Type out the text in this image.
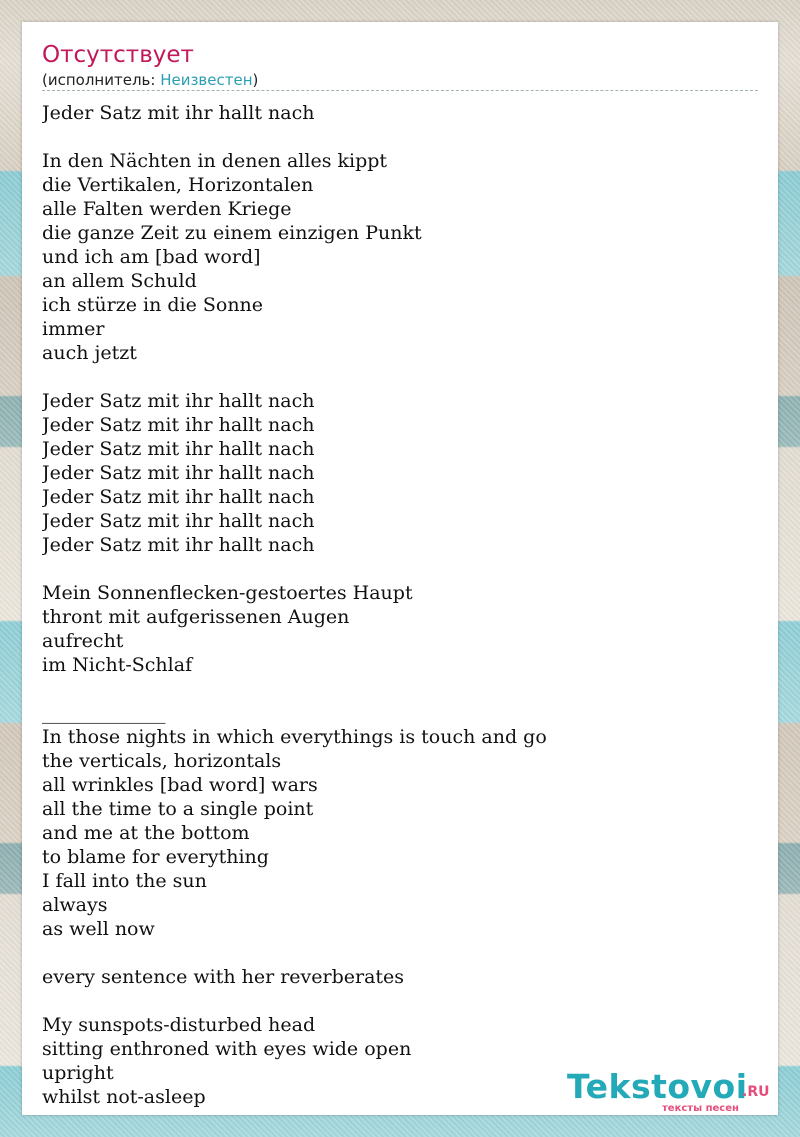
Отсутствует
(исполнитель: Неизвестен)
Jeder Satz mit ihr hallt nach
In den Nächten in denen alles kippt
die Vertikalen, Horizontalen
alle Falten werden Kriege
die ganze Zeit zu einem einzigen Punkt
und ich am [bad word]
an allem Schuld
ich stürze in die Sonne
immer
auch jetzt
Jeder Satz mit ihr hallt nach
Jeder Satz mit ihr hallt nach
Jeder Satz mit ihr hallt nach
Jeder Satz mit ihr hallt nach
Jeder Satz mit ihr hallt nach
Jeder Satz mit ihr hallt nach
Jeder Satz mit ihr hallt nach
Mein Sonnenflecken-gestoertes Haupt
thront mit aufgerissenen Augen
aufrecht
im Nicht-Schlaf
_____________
In those nights in which everythings is touch and go
the verticals, horizontals
all wrinkles [bad word] wars
all the time to a single point
and me at the bottom
to blame for everything
I fall into the sun
always
as well now
every sentence with her reverberates
My sunspots-disturbed head
sitting enthroned with eyes wide open
upright
whilst not-asleep	Tekstovoi
.RU
тексты песен
